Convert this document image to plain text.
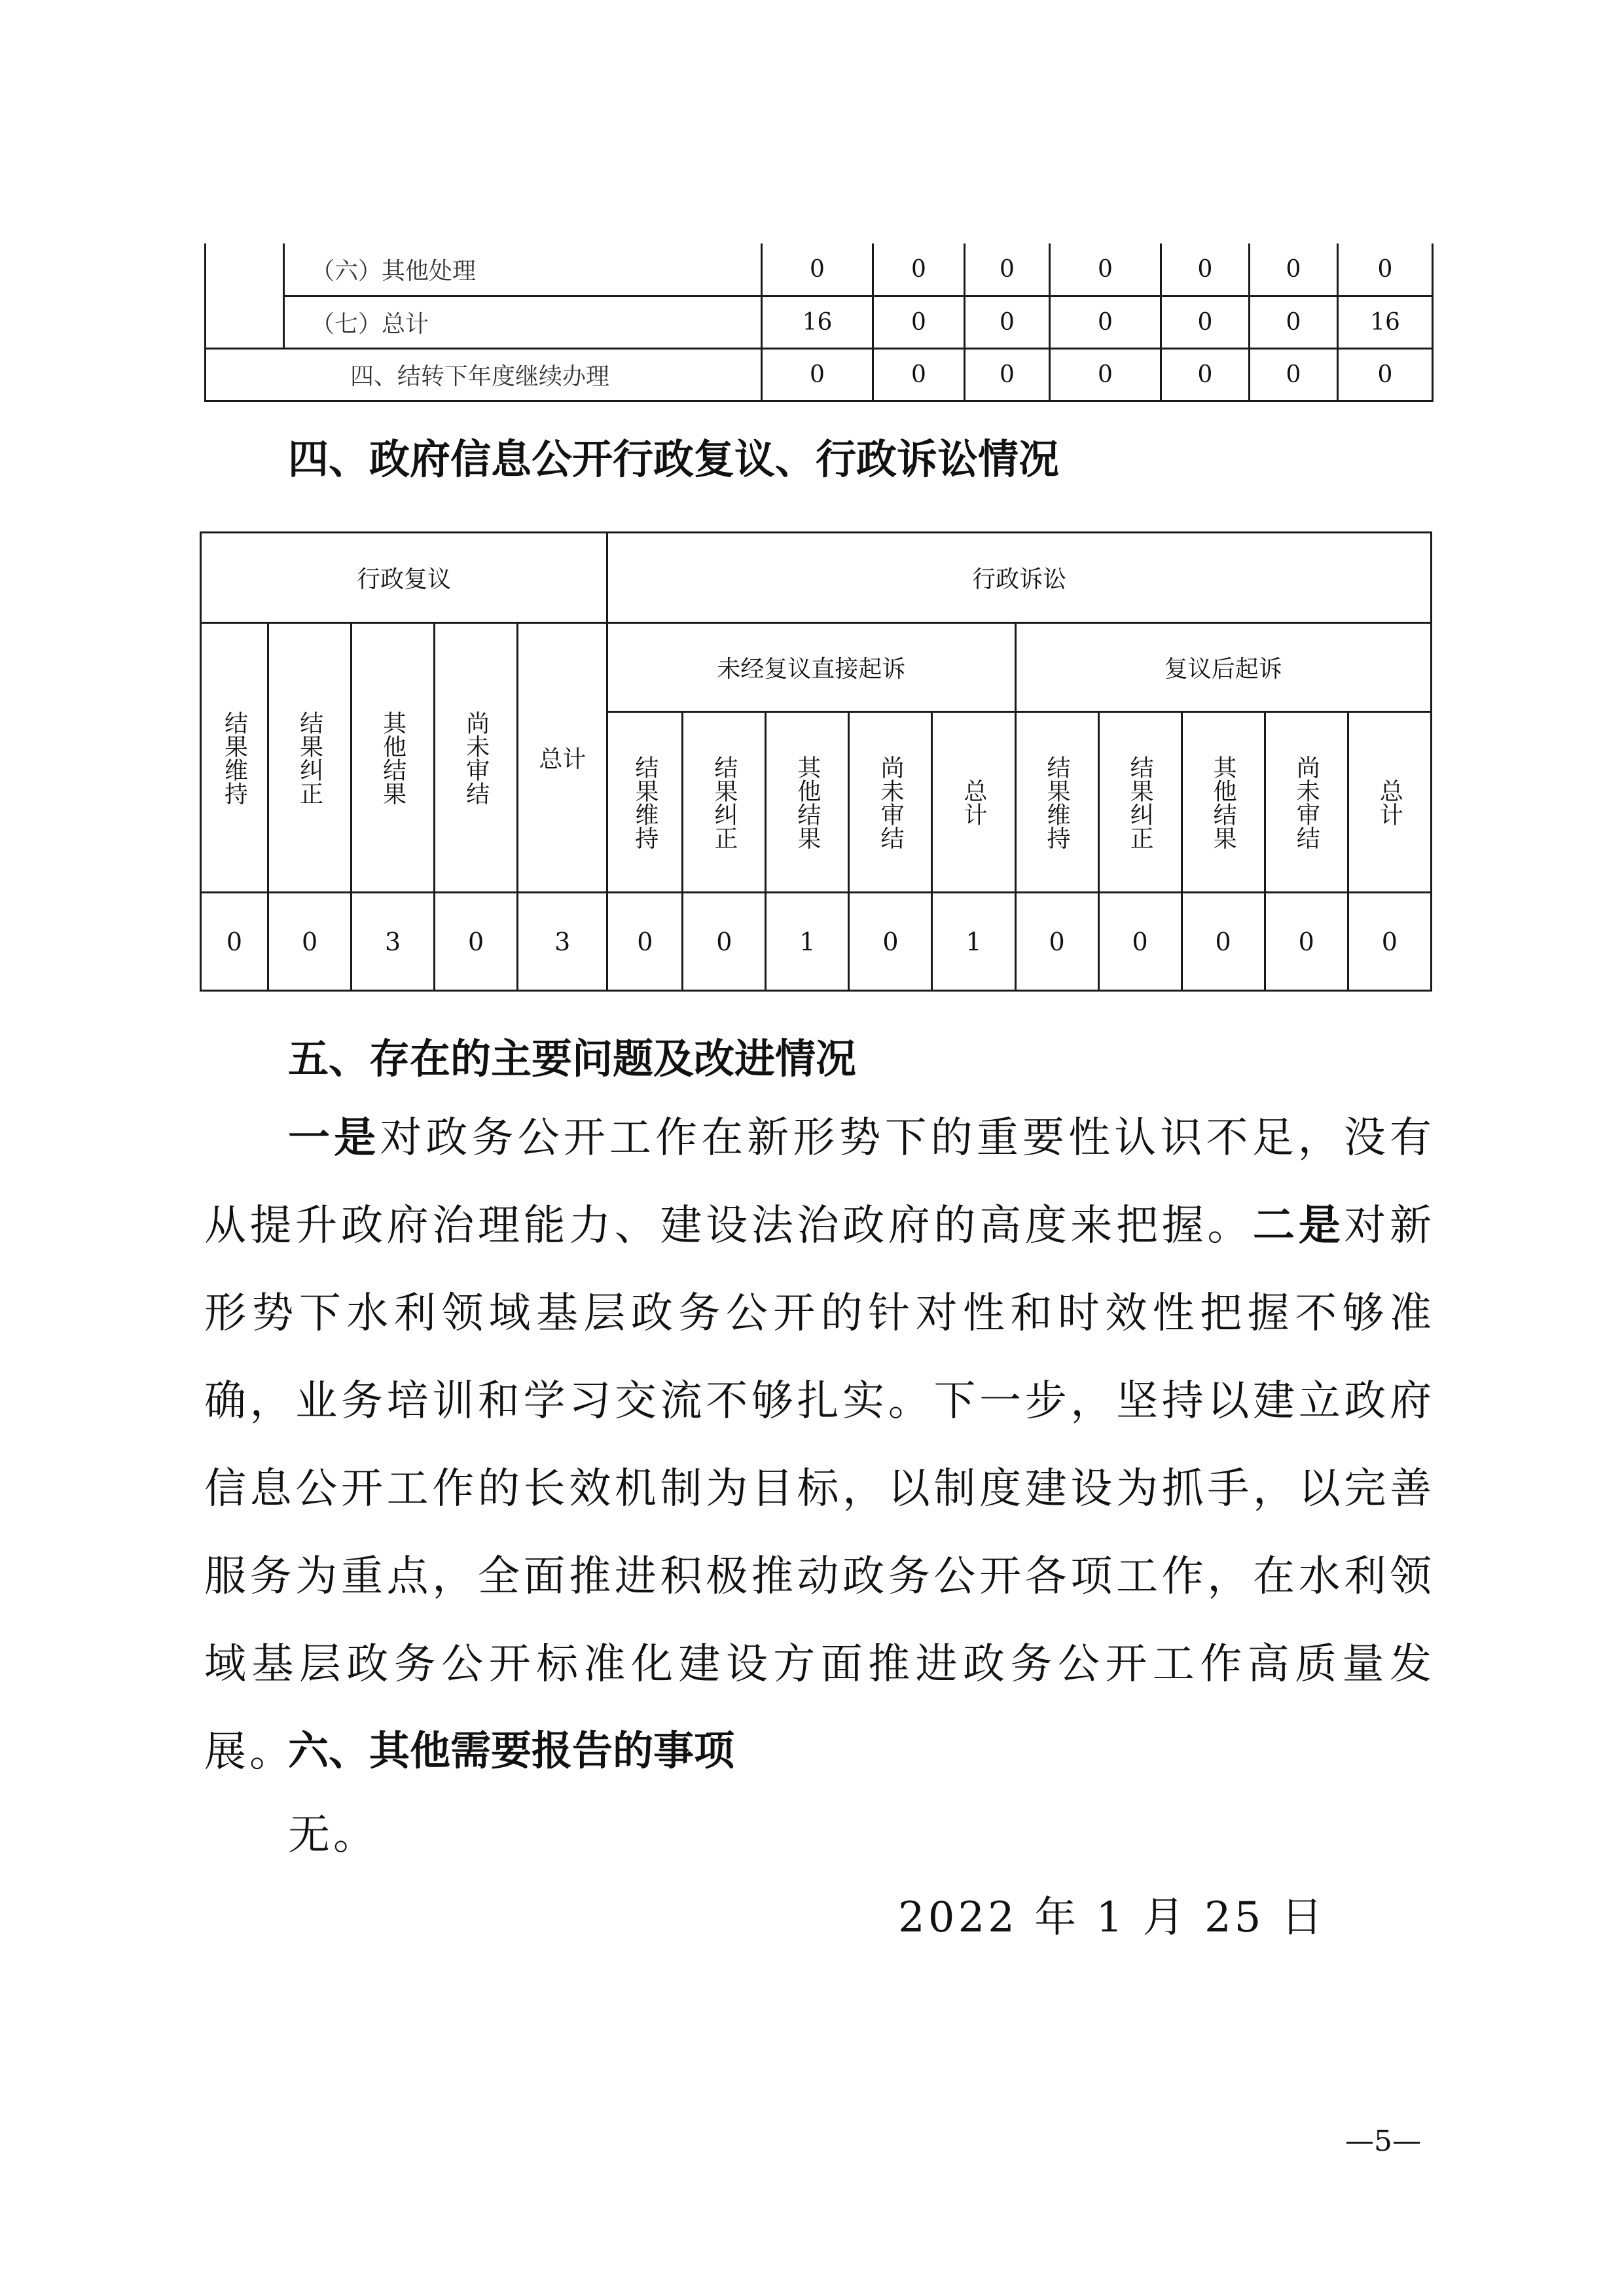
	（六）其他处理	0	0	0	0	0	0	0
	（七）总计	16	0	0	0	0	0	16
四、结转下年度继续办理		0	0	0	0	0	0	0
四、政府信息公开行政复议、行政诉讼情况
行政复议					行政诉讼									
结果维持	结果纠正	其他结果	尚未审结	总计	未经复议直接起诉					复议后起诉				
					结果维持	结果纠正	其他结果	尚未审结	总计	结果维持	结果纠正	其他结果	尚未审结	总计
0	0	3	0	3	0	0	1	0	1	0	0	0	0	0
五、存在的主要问题及改进情况

一是对政务公开工作在新形势下的重要性认识不足，没有从提升政府治理能力、建设法治政府的高度来把握。二是对新形势下水利领域基层政务公开的针对性和时效性把握不够准确，业务培训和学习交流不够扎实。下一步，坚持以建立政府信息公开工作的长效机制为目标，以制度建设为抓手，以完善服务为重点，全面推进积极推动政务公开各项工作，在水利领域基层政务公开标准化建设方面推进政务公开工作高质量发展。

六、其他需要报告的事项
无。
2022 年 1 月 25 日
—5—
